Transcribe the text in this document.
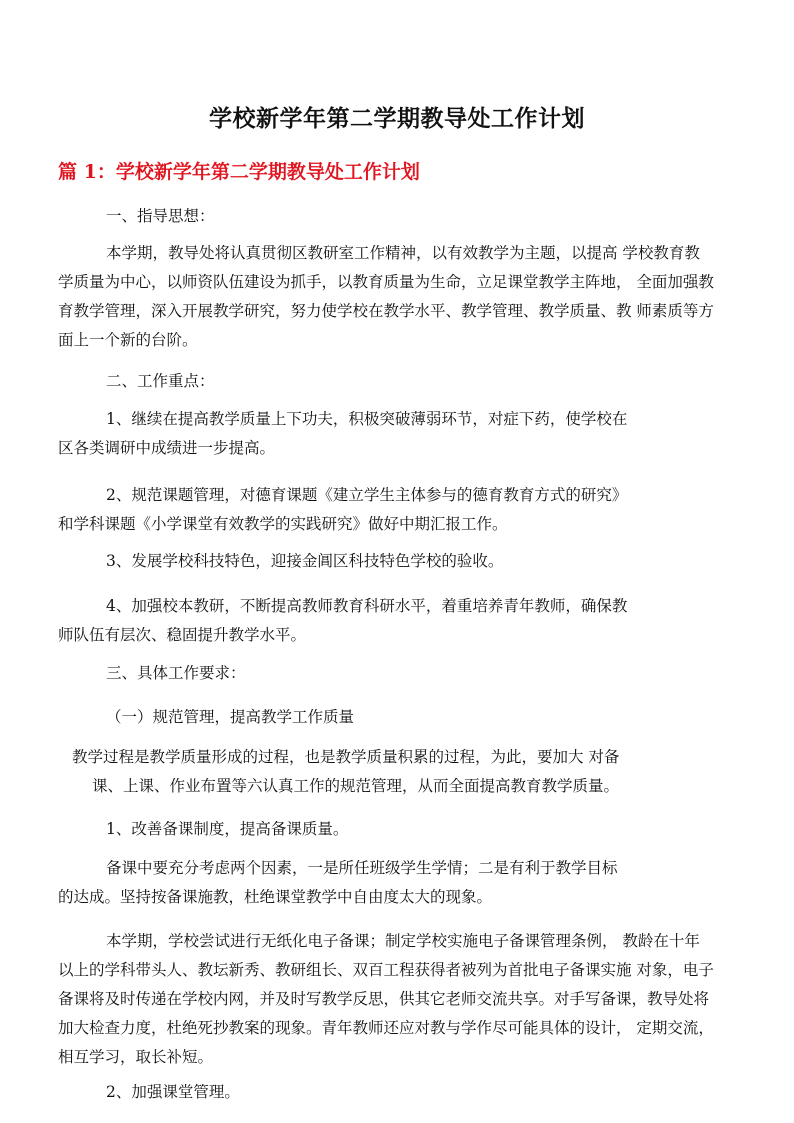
学校新学年第二学期教导处工作计划
篇 1：学校新学年第二学期教导处工作计划

一、指导思想：

本学期，教导处将认真贯彻区教研室工作精神，以有效教学为主题，以提高 学校教育教
学质量为中心，以师资队伍建设为抓手，以教育质量为生命，立足课堂教学主阵地， 全面加强教
育教学管理，深入开展教学研究，努力使学校在教学水平、教学管理、教学质量、教 师素质等方
面上一个新的台阶。

二、工作重点：

1、继续在提高教学质量上下功夫，积极突破薄弱环节，对症下药，使学校在
区各类调研中成绩进一步提高。

2、规范课题管理，对德育课题《建立学生主体参与的德育教育方式的研究》
和学科课题《小学课堂有效教学的实践研究》做好中期汇报工作。

3、发展学校科技特色，迎接金阊区科技特色学校的验收。

4、加强校本教研，不断提高教师教育科研水平，着重培养青年教师，确保教
师队伍有层次、稳固提升教学水平。

三、具体工作要求：

（一）规范管理，提高教学工作质量

教学过程是教学质量形成的过程，也是教学质量积累的过程，为此，要加大 对备
课、上课、作业布置等六认真工作的规范管理，从而全面提高教育教学质量。

1、改善备课制度，提高备课质量。

备课中要充分考虑两个因素，一是所任班级学生学情；二是有利于教学目标
的达成。坚持按备课施教，杜绝课堂教学中自由度太大的现象。

本学期，学校尝试进行无纸化电子备课；制定学校实施电子备课管理条例， 教龄在十年
以上的学科带头人、教坛新秀、教研组长、双百工程获得者被列为首批电子备课实施 对象，电子
备课将及时传递在学校内网，并及时写教学反思，供其它老师交流共享。对手写备课，教导处将
加大检查力度，杜绝死抄教案的现象。青年教师还应对教与学作尽可能具体的设计， 定期交流，
相互学习，取长补短。

2、加强课堂管理。
